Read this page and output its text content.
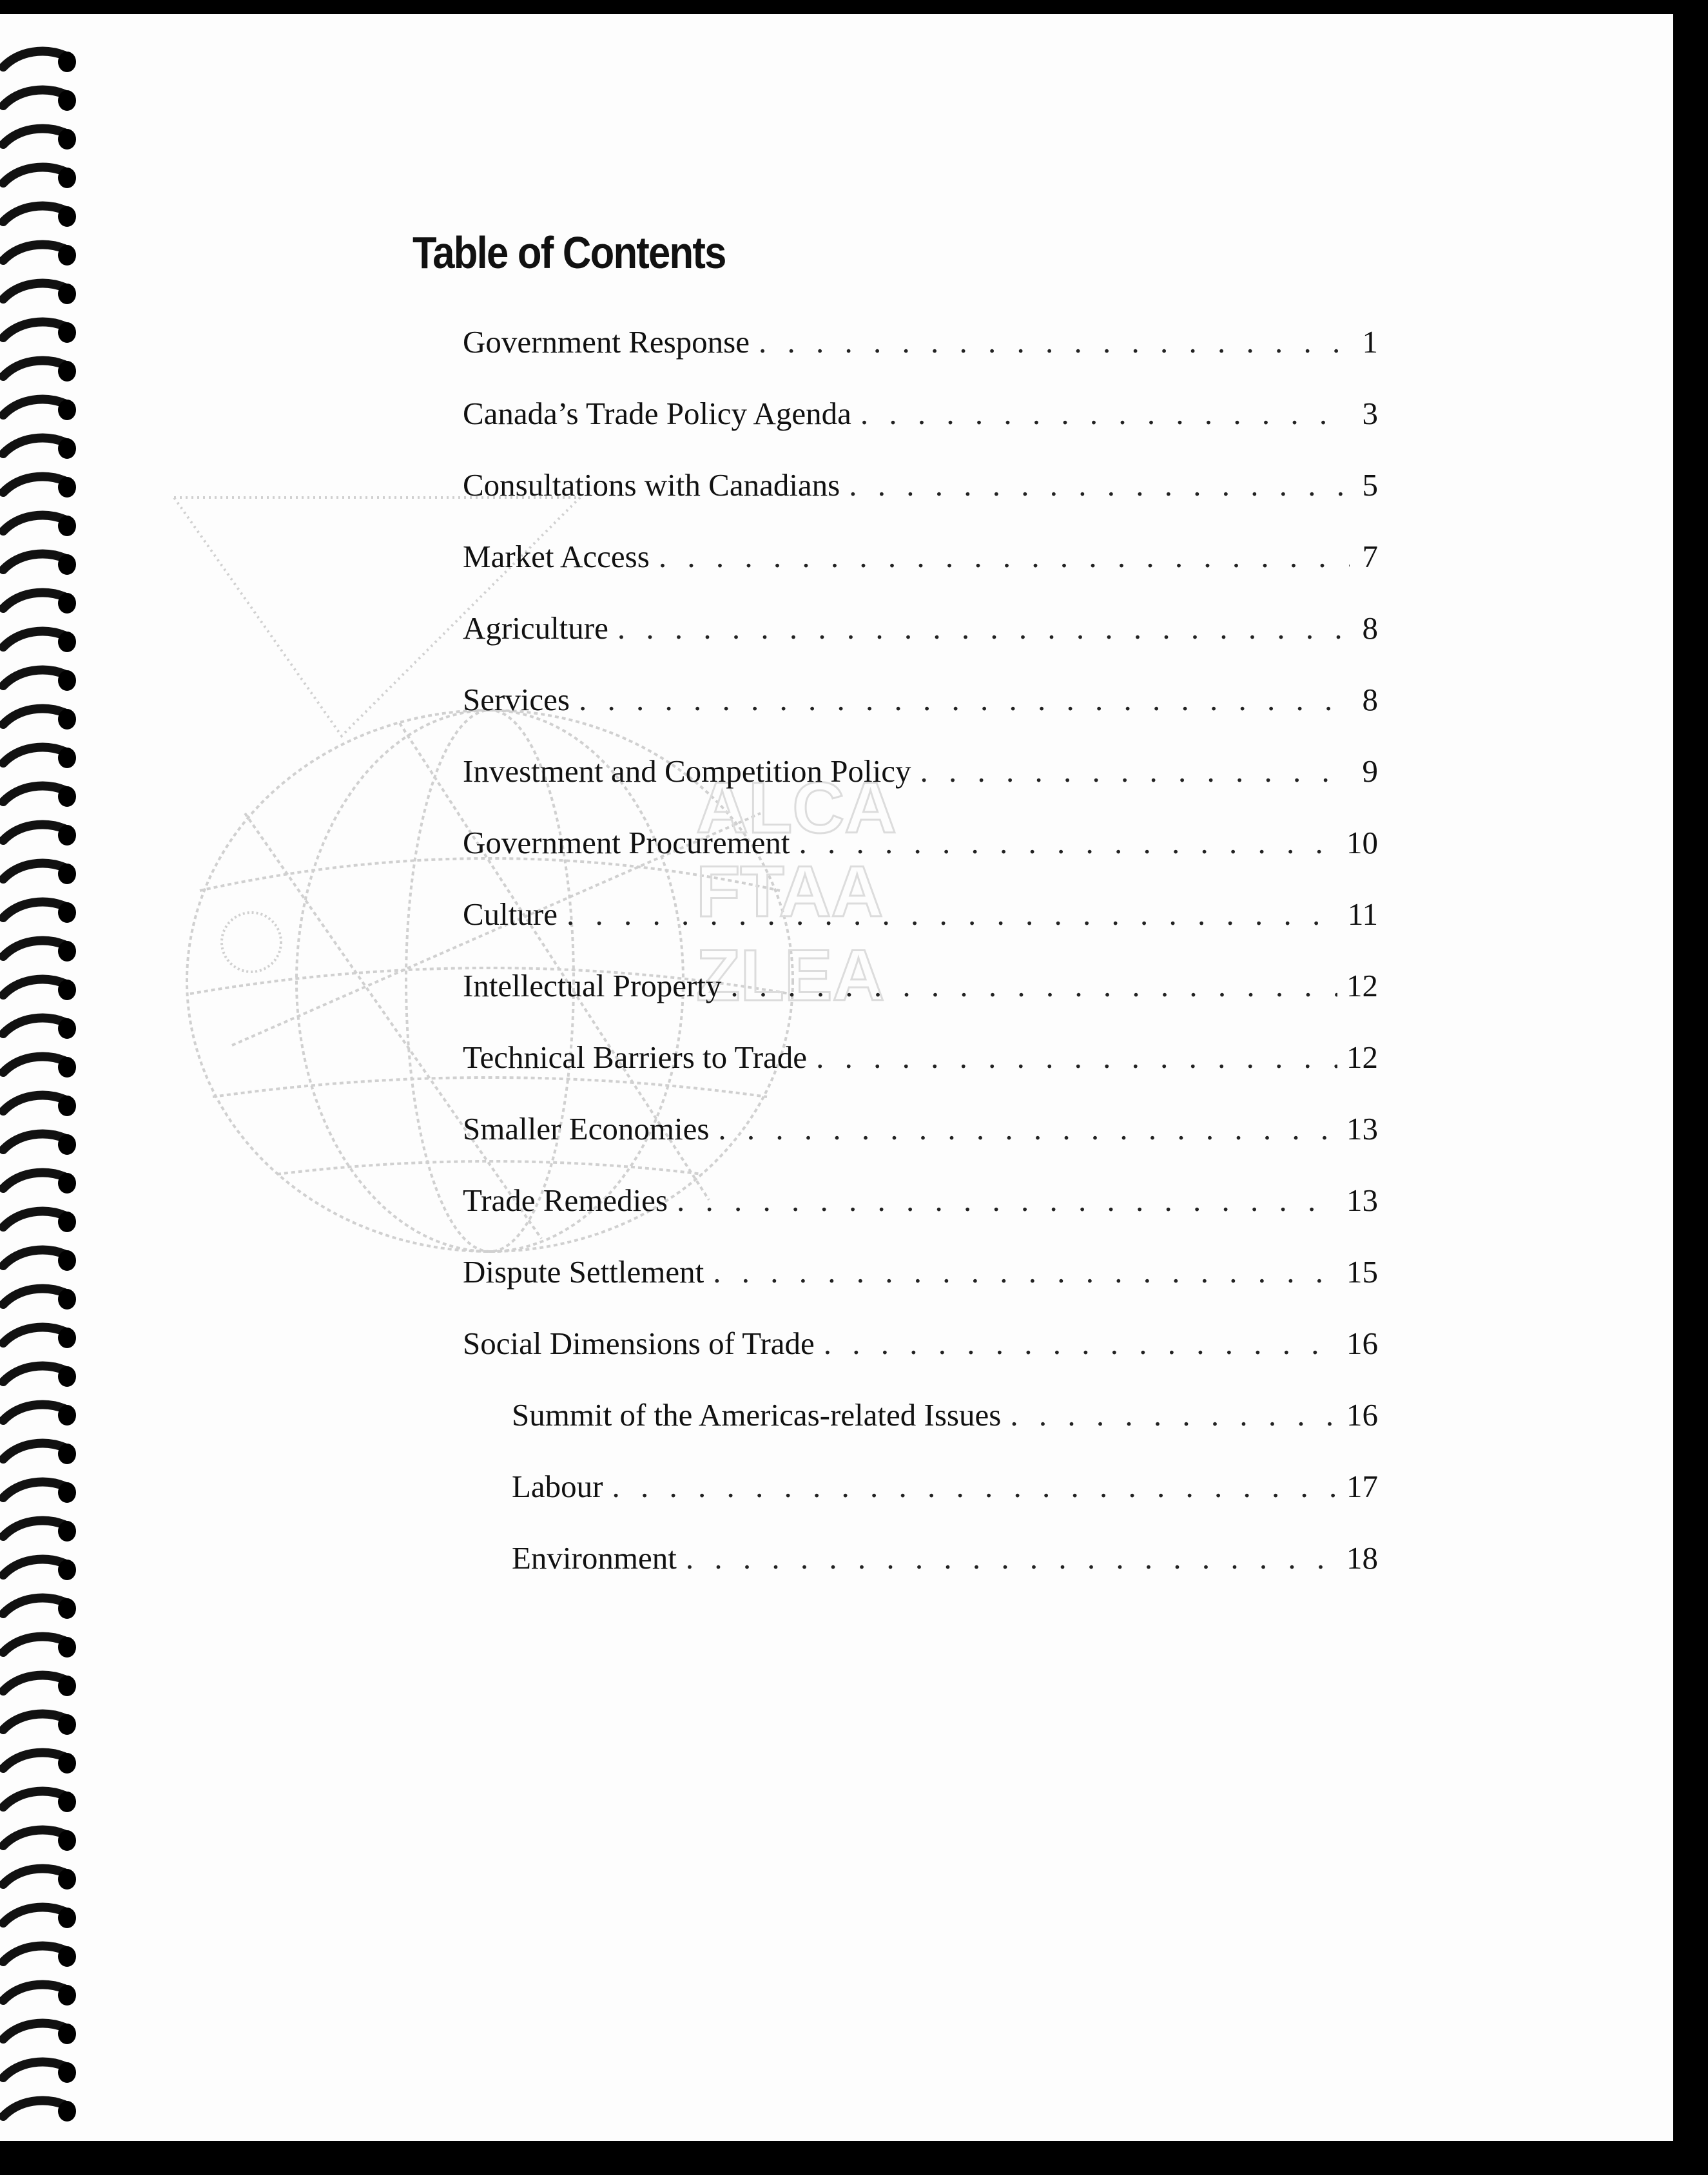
ALCA
FTAA
ZLEA
Table of Contents
Government Response . . .	1
Canada’s Trade Policy Agenda . . .	3
Consultations with Canadians . . .	5
Market Access . . .	7
Agriculture . . .	8
Services . . .	8
Investment and Competition Policy . . .	9
Government Procurement . . .	10
Culture . . .	11
Intellectual Property . . .	12
Technical Barriers to Trade . . .	12
Smaller Economies . . .	13
Trade Remedies . . .	13
Dispute Settlement . . .	15
Social Dimensions of Trade . . .	16
Summit of the Americas-related Issues . . .	16
Labour . . .	17
Environment . . .	18
